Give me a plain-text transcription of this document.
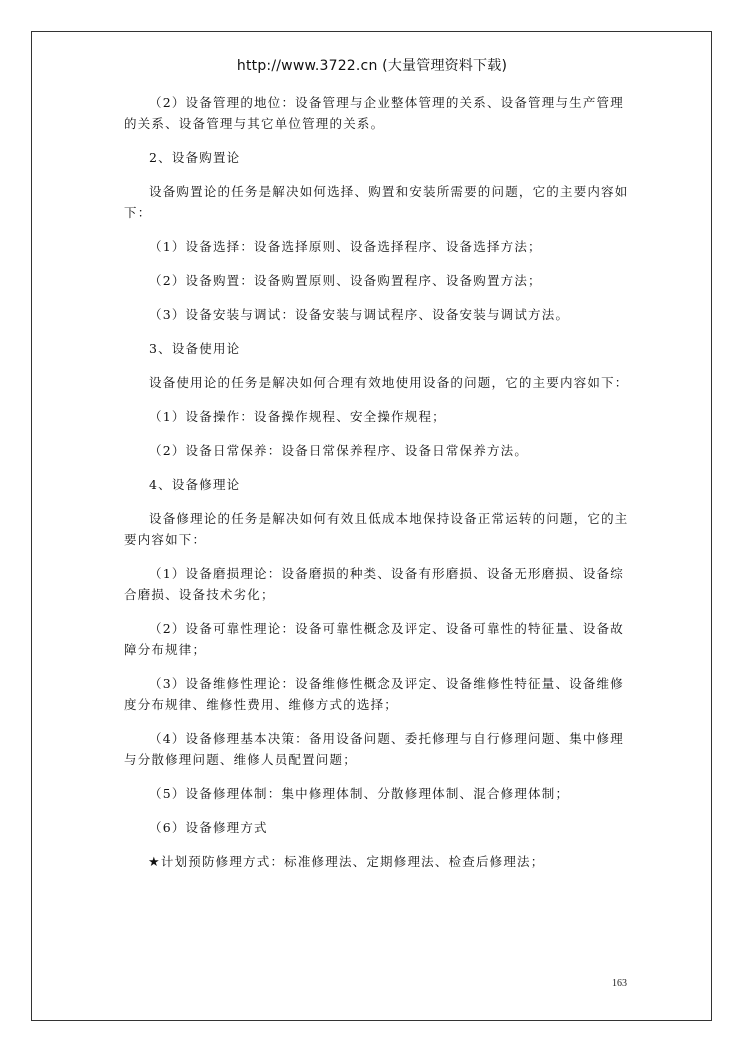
http://www.3722.cn (大量管理资料下载)

（2）设备管理的地位：设备管理与企业整体管理的关系、设备管理与生产管理的关系、设备管理与其它单位管理的关系。

2、设备购置论

设备购置论的任务是解决如何选择、购置和安装所需要的问题，它的主要内容如下：

（1）设备选择：设备选择原则、设备选择程序、设备选择方法；

（2）设备购置：设备购置原则、设备购置程序、设备购置方法；

（3）设备安装与调试：设备安装与调试程序、设备安装与调试方法。

3、设备使用论

设备使用论的任务是解决如何合理有效地使用设备的问题，它的主要内容如下：

（1）设备操作：设备操作规程、安全操作规程；

（2）设备日常保养：设备日常保养程序、设备日常保养方法。

4、设备修理论

设备修理论的任务是解决如何有效且低成本地保持设备正常运转的问题，它的主要内容如下：

（1）设备磨损理论：设备磨损的种类、设备有形磨损、设备无形磨损、设备综合磨损、设备技术劣化；

（2）设备可靠性理论：设备可靠性概念及评定、设备可靠性的特征量、设备故障分布规律；

（3）设备维修性理论：设备维修性概念及评定、设备维修性特征量、设备维修度分布规律、维修性费用、维修方式的选择；

（4）设备修理基本决策：备用设备问题、委托修理与自行修理问题、集中修理与分散修理问题、维修人员配置问题；

（5）设备修理体制：集中修理体制、分散修理体制、混合修理体制；

（6）设备修理方式

★计划预防修理方式：标准修理法、定期修理法、检查后修理法；

163
